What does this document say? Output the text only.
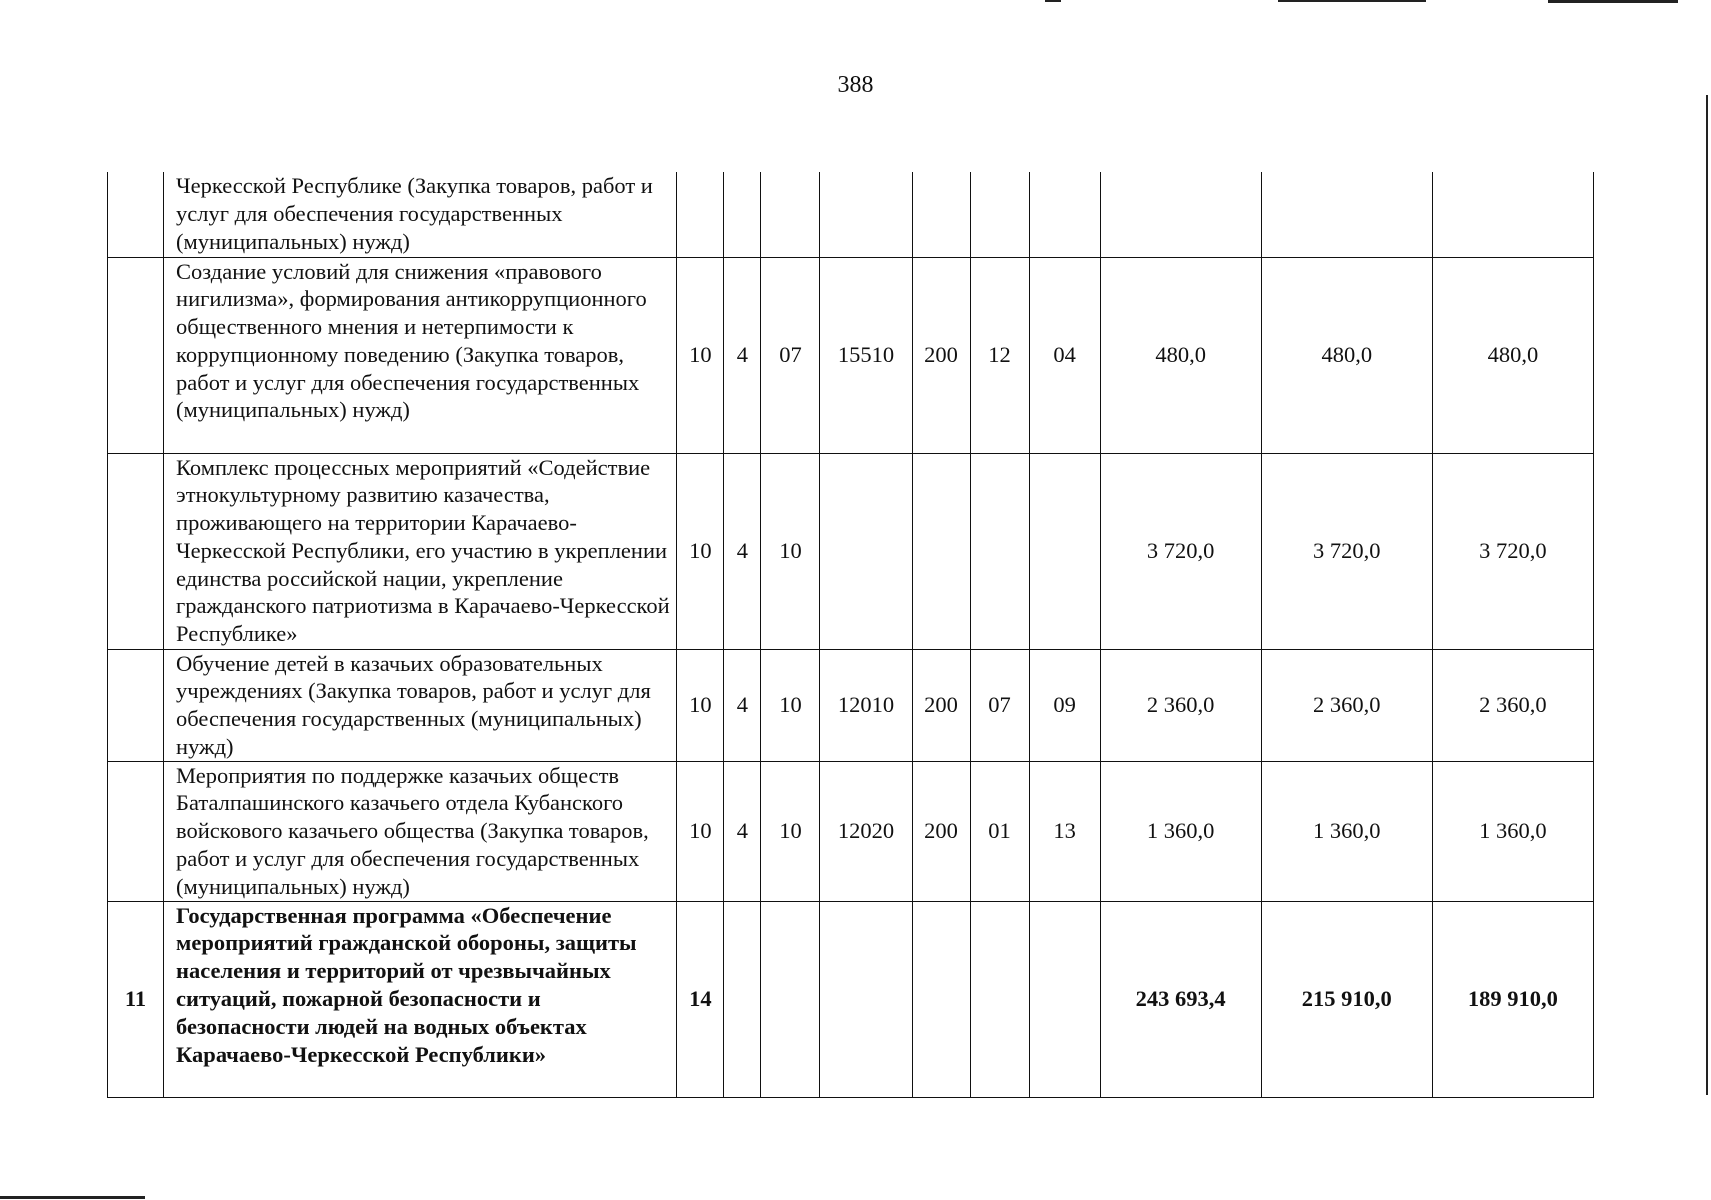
388
	Черкесской Республике (Закупка товаров, работ и услуг для обеспечения государственных (муниципальных) нужд)										
	Создание условий для снижения «правового нигилизма», формирования антикоррупционного общественного мнения и нетерпимости к коррупционному поведению (Закупка товаров, работ и услуг для обеспечения государственных (муниципальных) нужд)	10	4	07	15510	200	12	04	480,0	480,0	480,0
	Комплекс процессных мероприятий «Содействие этнокультурному развитию казачества, проживающего на территории Карачаево-Черкесской Республики, его участию в укреплении единства российской нации, укрепление гражданского патриотизма в Карачаево-Черкесской Республике»	10	4	10					3 720,0	3 720,0	3 720,0
	Обучение детей в казачьих образовательных учреждениях (Закупка товаров, работ и услуг для обеспечения государственных (муниципальных) нужд)	10	4	10	12010	200	07	09	2 360,0	2 360,0	2 360,0
	Мероприятия по поддержке казачьих обществ Баталпашинского казачьего отдела Кубанского войскового казачьего общества (Закупка товаров, работ и услуг для обеспечения государственных (муниципальных) нужд)	10	4	10	12020	200	01	13	1 360,0	1 360,0	1 360,0
11	Государственная программа «Обеспечение мероприятий гражданской обороны, защиты населения и территорий от чрезвычайных ситуаций, пожарной безопасности и безопасности людей на водных объектах Карачаево-Черкесской Республики»	14							243 693,4	215 910,0	189 910,0
